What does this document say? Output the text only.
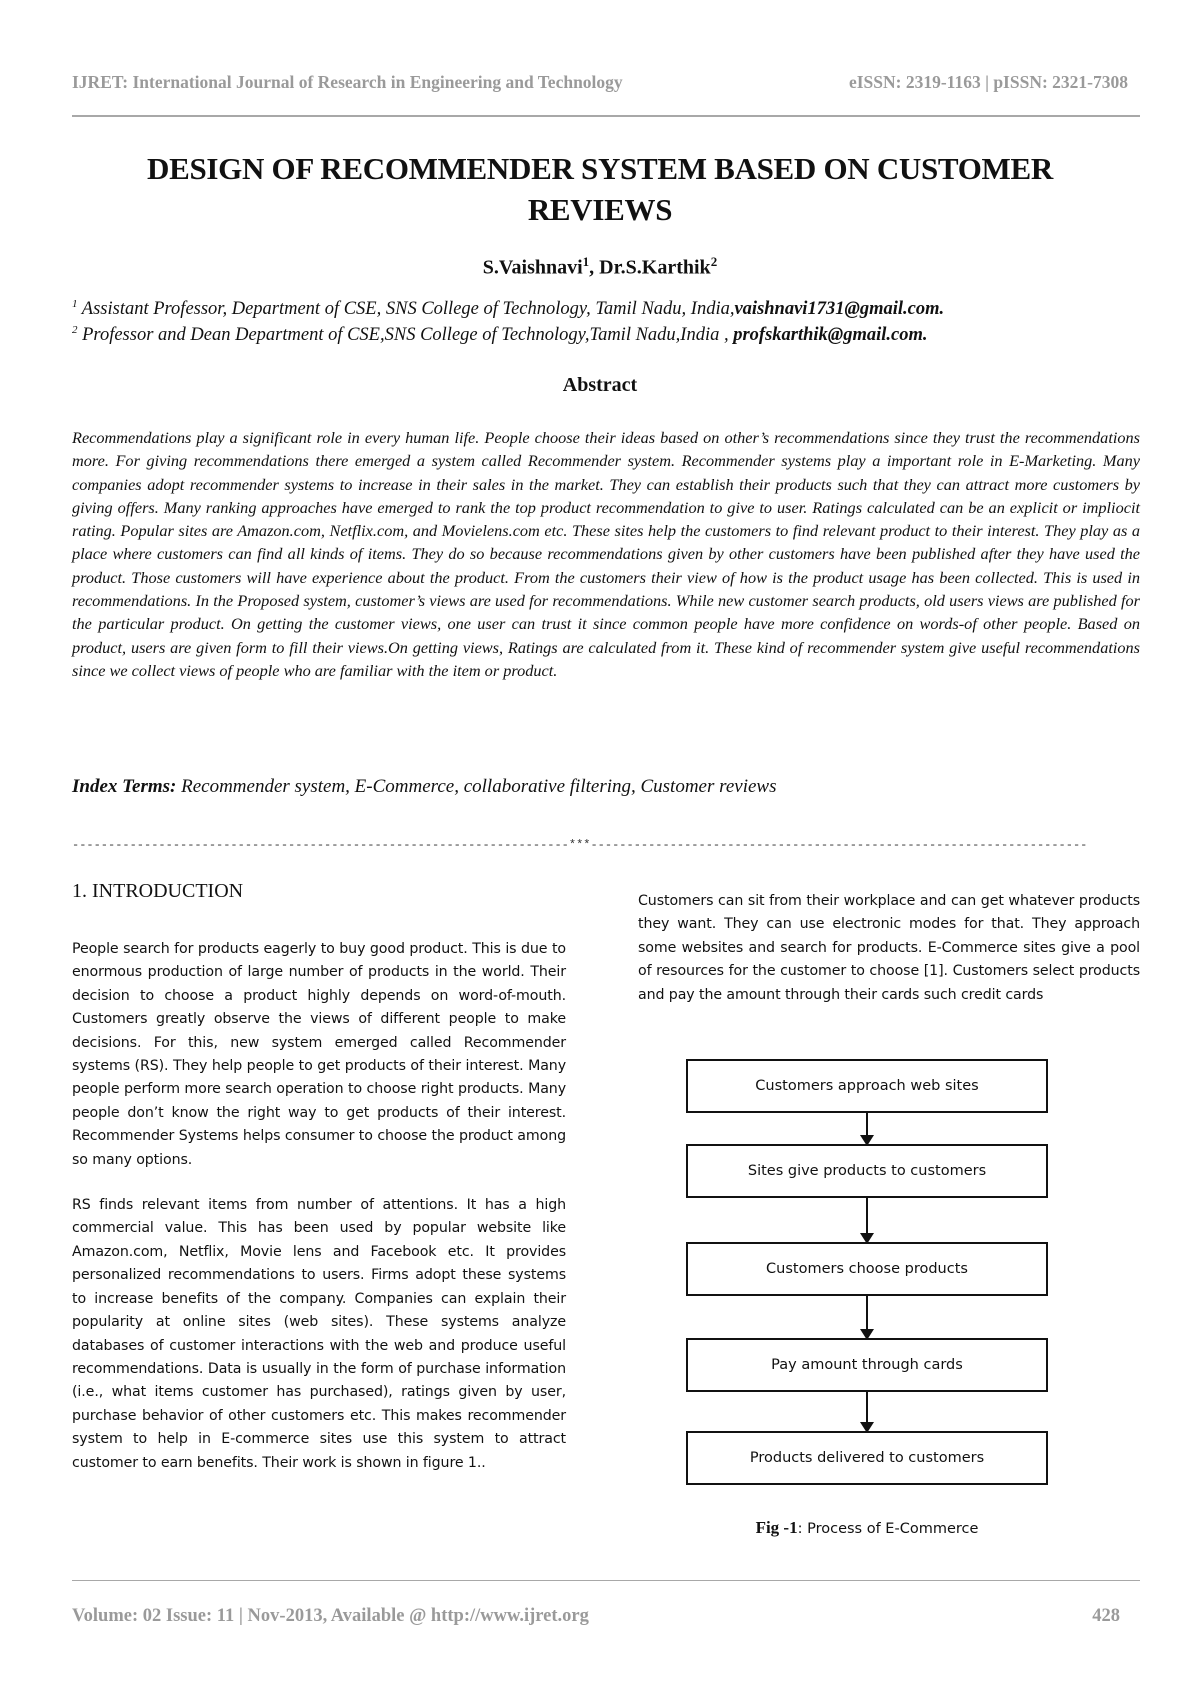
IJRET: International Journal of Research in Engineering and Technology	eISSN: 2319-1163 | pISSN: 2321-7308
DESIGN OF RECOMMENDER SYSTEM BASED ON CUSTOMER REVIEWS
S.Vaishnavi$^1$, Dr.S.Karthik$^2$
$^1$ Assistant Professor, Department of CSE, SNS College of Technology, Tamil Nadu, India,vaishnavi1731@gmail.com.
$^2$ Professor and Dean Department of CSE,SNS College of Technology,Tamil Nadu,India , profskarthik@gmail.com.
Abstract
Recommendations play a significant role in every human life. People choose their ideas based on other’s recommendations since they trust the recommendations more. For giving recommendations there emerged a system called Recommender system. Recommender systems play a important role in E-Marketing. Many companies adopt recommender systems to increase in their sales in the market. They can establish their products such that they can attract more customers by giving offers. Many ranking approaches have emerged to rank the top product recommendation to give to user. Ratings calculated can be an explicit or impliocit rating. Popular sites are Amazon.com, Netflix.com, and Movielens.com etc. These sites help the customers to find relevant product to their interest. They play as a place where customers can find all kinds of items. They do so because recommendations given by other customers have been published after they have used the product. Those customers will have experience about the product. From the customers their view of how is the product usage has been collected. This is used in recommendations. In the Proposed system, customer’s views are used for recommendations. While new customer search products, old users views are published for the particular product. On getting the customer views, one user can trust it since common people have more confidence on words-of other people. Based on product, users are given form to fill their views.On getting views, Ratings are calculated from it. These kind of recommender system give useful recommendations since we collect views of people who are familiar with the item or product.
Index Terms: Recommender system, E-Commerce, collaborative filtering, Customer reviews
---------------------------------------------------------------------***---------------------------------------------------------------------
1. INTRODUCTION

People search for products eagerly to buy good product. This is due to enormous production of large number of products in the world. Their decision to choose a product highly depends on word-of-mouth. Customers greatly observe the views of different people to make decisions. For this, new system emerged called Recommender systems (RS). They help people to get products of their interest. Many people perform more search operation to choose right products. Many people don’t know the right way to get products of their interest. Recommender Systems helps consumer to choose the product among so many options.

RS finds relevant items from number of attentions. It has a high commercial value. This has been used by popular website like Amazon.com, Netflix, Movie lens and Facebook etc. It provides personalized recommendations to users. Firms adopt these systems to increase benefits of the company. Companies can explain their popularity at online sites (web sites). These systems analyze databases of customer interactions with the web and produce useful recommendations. Data is usually in the form of purchase information (i.e., what items customer has purchased), ratings given by user, purchase behavior of other customers etc. This makes recommender system to help in E-commerce sites use this system to attract customer to earn benefits. Their work is shown in figure 1..

Customers can sit from their workplace and can get whatever products they want. They can use electronic modes for that. They approach some websites and search for products. E-Commerce sites give a pool of resources for the customer to choose [1]. Customers select products and pay the amount through their cards such credit cards

Customers approach web sites
Sites give products to customers
Customers choose products
Pay amount through cards
Products delivered to customers
Fig -1: Process of E-Commerce
Volume: 02 Issue: 11 | Nov-2013, Available @ http://www.ijret.org	428
